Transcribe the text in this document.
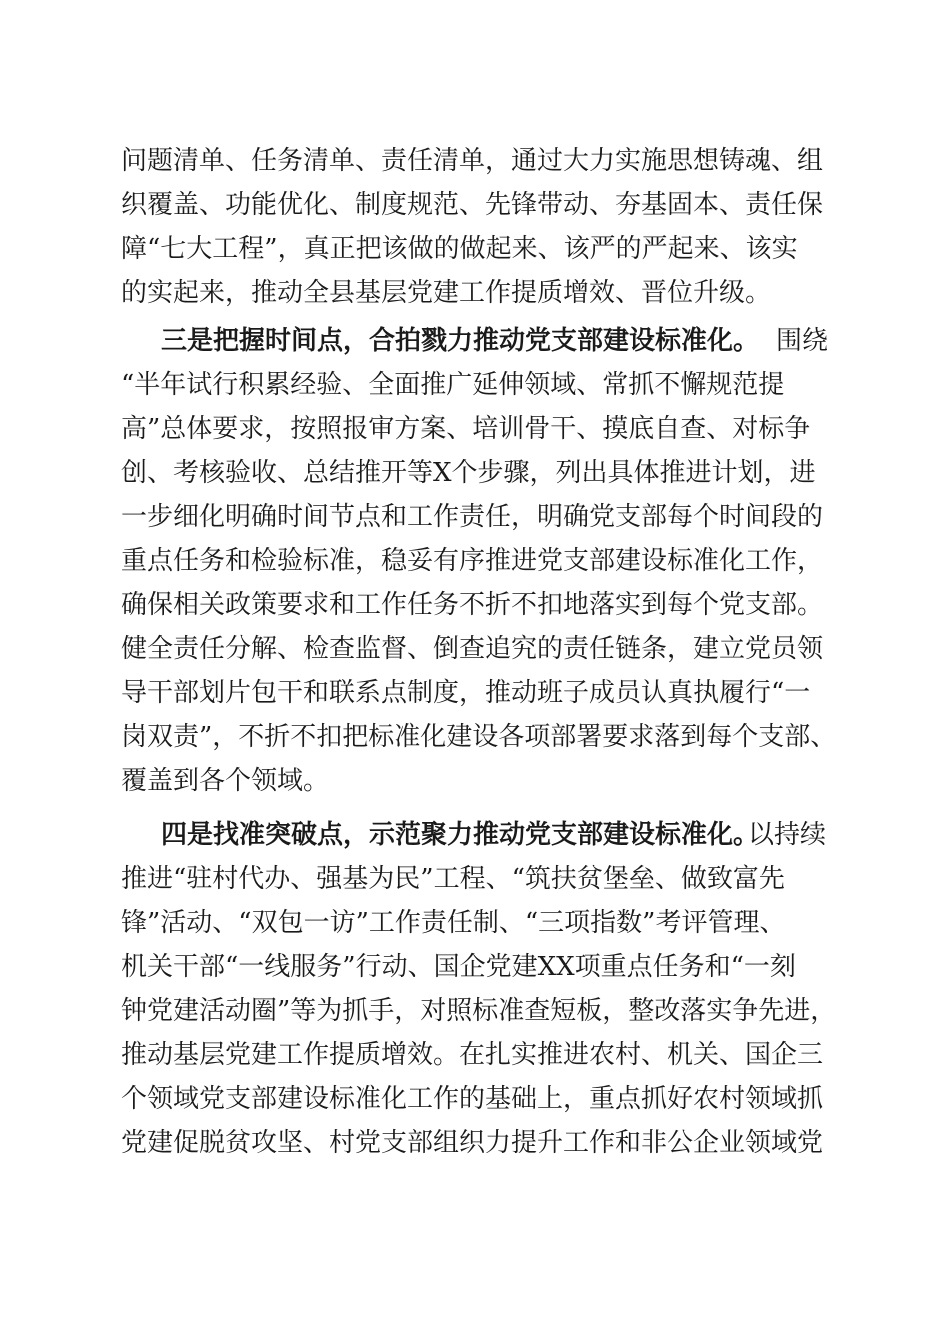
问题清单、任务清单、责任清单，通过大力实施思想铸魂、组
织覆盖、功能优化、制度规范、先锋带动、夯基固本、责任保
障“七大工程”，真正把该做的做起来、该严的严起来、该实
的实起来，推动全县基层党建工作提质增效、晋位升级。
三是把握时间点，合拍戮力推动党支部建设标准化。 围绕
“半年试行积累经验、全面推广延伸领域、常抓不懈规范提
高”总体要求，按照报审方案、培训骨干、摸底自查、对标争
创、考核验收、总结推开等X个步骤，列出具体推进计划，进
一步细化明确时间节点和工作责任，明确党支部每个时间段的
重点任务和检验标准，稳妥有序推进党支部建设标准化工作，
确保相关政策要求和工作任务不折不扣地落实到每个党支部。
健全责任分解、检查监督、倒查追究的责任链条，建立党员领
导干部划片包干和联系点制度，推动班子成员认真执履行“一
岗双责”，不折不扣把标准化建设各项部署要求落到每个支部、
覆盖到各个领域。
四是找准突破点，示范聚力推动党支部建设标准化。
以持续
推进“驻村代办、强基为民”工程、“筑扶贫堡垒、做致富先
锋”活动、“双包一访”工作责任制、“三项指数”考评管理、
机关干部“一线服务”行动、国企党建XX项重点任务和“一刻
钟党建活动圈”等为抓手，对照标准查短板，整改落实争先进，
推动基层党建工作提质增效。在扎实推进农村、机关、国企三
个领域党支部建设标准化工作的基础上，重点抓好农村领域抓
党建促脱贫攻坚、村党支部组织力提升工作和非公企业领域党
